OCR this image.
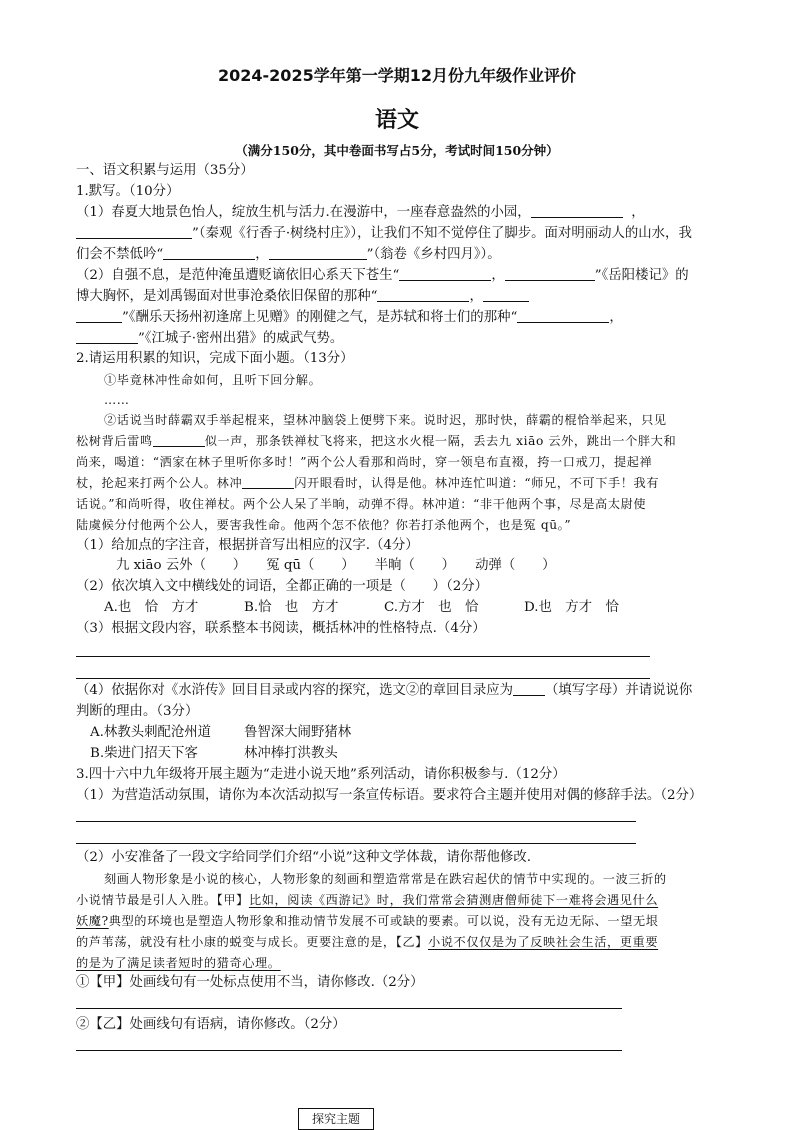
2024-2025学年第一学期12月份九年级作业评价
语文
（满分150分，其中卷面书写占5分，考试时间150分钟）
一、语文积累与运用（35分）
1.默写。（10分）
（1）春夏大地景色怡人，绽放生机与活力.在漫游中，一座春意盎然的小园，	，
”（秦观《行香子·树绕村庄》），让我们不知不觉停住了脚步。面对明丽动人的山水，我
们会不禁低吟“	，	”（翁卷《乡村四月》）。
（2）自强不息，是范仲淹虽遭贬谪依旧心系天下苍生“	，	”《岳阳楼记》的
博大胸怀，是刘禹锡面对世事沧桑依旧保留的那种“	，
”《酬乐天扬州初逢席上见赠》的刚健之气，是苏轼和将士们的那种“	，
”《江城子·密州出猎》的威武气势。
2.请运用积累的知识，完成下面小题。（13分）
①毕竟林冲性命如何，且听下回分解。
……
②话说当时薛霸双手举起棍来，望林冲脑袋上便劈下来。说时迟，那时快，薛霸的棍恰举起来，只见
松树背后雷鸣	似一声，那条铁禅杖飞将来，把这水火棍一隔，丢去九 xiāo 云外，跳出一个胖大和
尚来，喝道：“洒家在林子里听你多时！”两个公人看那和尚时，穿一领皂布直裰，挎一口戒刀，提起禅
杖，抡起来打两个公人。林冲	闪开眼看时，认得是他。林冲连忙叫道：“师兄，不可下手！我有
话说。”和尚听得，收住禅杖。两个公人呆了半晌，动弹不得。林冲道：“非干他两个事，尽是高太尉使
陆虞候分付他两个公人，要害我性命。他两个怎不依他？你若打杀他两个，也是冤 qū。”
（1）给加点的字注音，根据拼音写出相应的汉字.（4分）
九 xiāo 云外（　　）　　冤 qū（　　）　　半晌（　　）　　动弹（　　）
（2）依次填入文中横线处的词语，全都正确的一项是（　　）（2分）
A.也　恰　方才	B.恰　也　方才	C.方才　也　恰	D.也　方才　恰
（3）根据文段内容，联系整本书阅读，概括林冲的性格特点.（4分）
（4）依据你对《水浒传》回目目录或内容的探究，选文②的章回目录应为 （填写字母）并请说说你
判断的理由。（3分）
A.林教头刺配沧州道 鲁智深大闹野猪林
B.柴进门招天下客	林冲棒打洪教头
3.四十六中九年级将开展主题为“走进小说天地”系列活动，请你积极参与.（12分）
（1）为营造活动氛围，请你为本次活动拟写一条宣传标语。要求符合主题并使用对偶的修辞手法。（2分）
（2）小安准备了一段文字给同学们介绍“小说”这种文学体裁，请你帮他修改.
刻画人物形象是小说的核心，人物形象的刻画和塑造常常是在跌宕起伏的情节中实现的。一波三折的
小说情节最是引人入胜。【甲】比如，阅读《西游记》时，我们常常会猜测唐僧师徒下一难将会遇见什么
妖魔?典型的环境也是塑造人物形象和推动情节发展不可或缺的要素。可以说，没有无边无际、一望无垠
的芦苇荡，就没有杜小康的蜕变与成长。更要注意的是，【乙】小说不仅仅是为了反映社会生活，更重要
的是为了满足读者短时的猎奇心理。
①【甲】处画线句有一处标点使用不当，请你修改.（2分）
②【乙】处画线句有语病，请你修改。（2分）
探究主题
